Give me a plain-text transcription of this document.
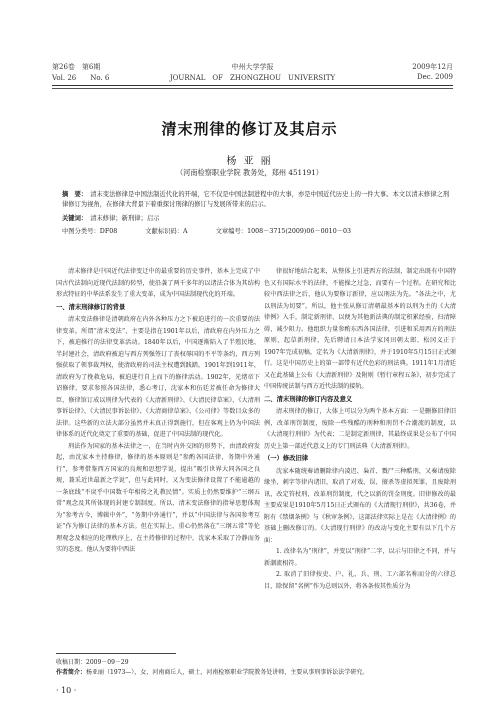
第26卷　第6期	中州大学学报	2009年12月
Vol. 26　　No. 6	JOURNAL　OF　ZHONGZHOU　UNIVERSITY	Dec. 2009
清末刑律的修订及其启示
杨 亚 丽
（河南检察职业学院 教务处，郑州 451191）
摘　要： 清末变法修律是中国法制近代化的开端，它不仅是中国法制进程中的大事，亦是中国近代历史上的一件大事。本文以清末修律之刑律修订为视角，在修律大背景下着重探讨刑律的修订与发展所带来的启示。
关键词： 清末修律；新刑律；启示
中图分类号：DF08	文献标识码：A	文章编号：1008－3715(2009)06－0010－03

清末修律是中国近代法律变迁中的最重要的历史事件，基本上完成了中国古代法制向近现代法制的转型，使沿袭了两千多年的以诸法合体为其结构形式特征的中华法系发生了重大变革，成为中国法制现代化的开端。

一、清末刑律修订的背景

清末变法修律是清朝政府在内外各种压力之下被迫进行的一次重要的法律变革。所谓“清末变法”，主要是指在1901年以后，清政府在内外压力之下，被迫推行的法律变革活动。1840年以后，中国逐渐陷入了半殖民地、半封建社会，清政府被迫与西方列强签订了丧权辱国的不平等条约，西方列强获取了领事裁判权，使清政府的司法主权遭到践踏。1901年到1911年，清政府为了挽救危局，被迫进行自上而下的修律活动。1902年，光绪帝下诏修律，要求参照各国法律，悉心考订，沈家本和伍廷芳被任命为修律大臣，修律馆订成以刑律为代表的《大清新刑律》、《大清民律草案》、《大清刑事诉讼律》、《大清民事诉讼律》、《大清商律草案》、《公司律》等数目众多的法律。这些新的立法大部分虽然并未真正得到施行，但在客观上仍为中国法律体系的近代化奠定了重要的基础，促进了中国法制的现代化。

刑法作为国家的基本法律之一，在当时内外交困的形势下，由清政府发起，由沈家本主持修律，修律的基本原则是“参酌各国法律，务期中外通行”，参考借鉴西方国家的良规和思想学说，提出“吸引世界大同各国之良规，兼采近世最新之学说”，但与此同时，又为变法修律设置了不能逾越的一条底线“不戾乎中国数千年相传之礼教民情”。实质上仍然要维护“三纲五常”观念及其所体现的封建专制制度。所以，清末变法修律的指导思想体现为“参考古今，博辑中外”，“务期中外通行”，并以“中国法律与各国参考互证”作为修订法律的基本方法。但在实际上，重心仍然落在“三纲五常”等伦理观念及相应的伦理秩序上，在主持修律的过程中，沈家本采取了冷静而务实的态度。他认为要将中西法

律很好地结合起来，从整体上引进西方的法制，制定出既有中国特色又有国际水平的法律，不能操之过急，而要有一个过程。在研究和比较中西法律之后，他认为要修订新律，应以刑法为先。“各法之中，尤以刑法为切要”。所以，他主张从修订清朝最基本的以刑为主的《大清律例》入手，制定新刑律，以便为其他新法典的制定积累经验，扫清障碍，减少阻力。他组织力量参酌东西各国法律，引进和采用西方的刑法原则，起草新刑律，先后聘请日本法学家冈田朝太郎、松冈义正于1907年完成初稿，定名为《大清新刑律》，并于1910年5月15日正式颁行。这是中国历史上的第一部带有近代色彩的刑法典。1911年1月清廷又在此基础上公布《大清新刑律》及附则《暂行章程五条》，初步完成了中国传统法制与西方近代法制的接轨。

二、清末刑律的修订内容及意义

清末刑律的修订，大体上可以分为两个基本方面：一是删修旧律旧例，改革刑罚制度，废除一些残酷的刑种和刑罚不合潮流的制度，以《大清现行刑律》为代表；二是制定新刑律，其最终成果是公布了中国历史上第一部近代意义上的专门刑法典《大清新刑律》。

（一）修改旧律

沈家本随统奏请删除律内凌迟、枭首、戮尸三种酷刑，又奏请废除缘坐、刺字等律内诸旧，取消了对戏、误、擅杀等虚拟死罪，且废除刑讯，改定笞杖刑，改革刑罚制度，代之以新的罚金刑度。旧律修改的最主要成果是1910年5月15日正式颁布的《大清现行刑律》，共36卷，并附有《禁烟条例》与《秋审条例》，这部法律实际上是在《大清律例》的基础上删改修订的。《大清现行刑律》的改动与变化主要有以下几个方面：

1. 改律名为“刑律”，并变以“刑律”二字，以示与旧律之不同，并与新潮流相符。

2. 取消了旧律按吏、户、礼、兵、刑、工六部名称而分的六律总目，除保留“名例”作为总则以外，将各条按其性质分为

收稿日期：2009－09－29
作者简介：杨亚丽（1973—），女，河南商丘人，硕士，河南检察职业学院教务处讲师，主要从事刑事诉讼法学研究。
· 10 ·
